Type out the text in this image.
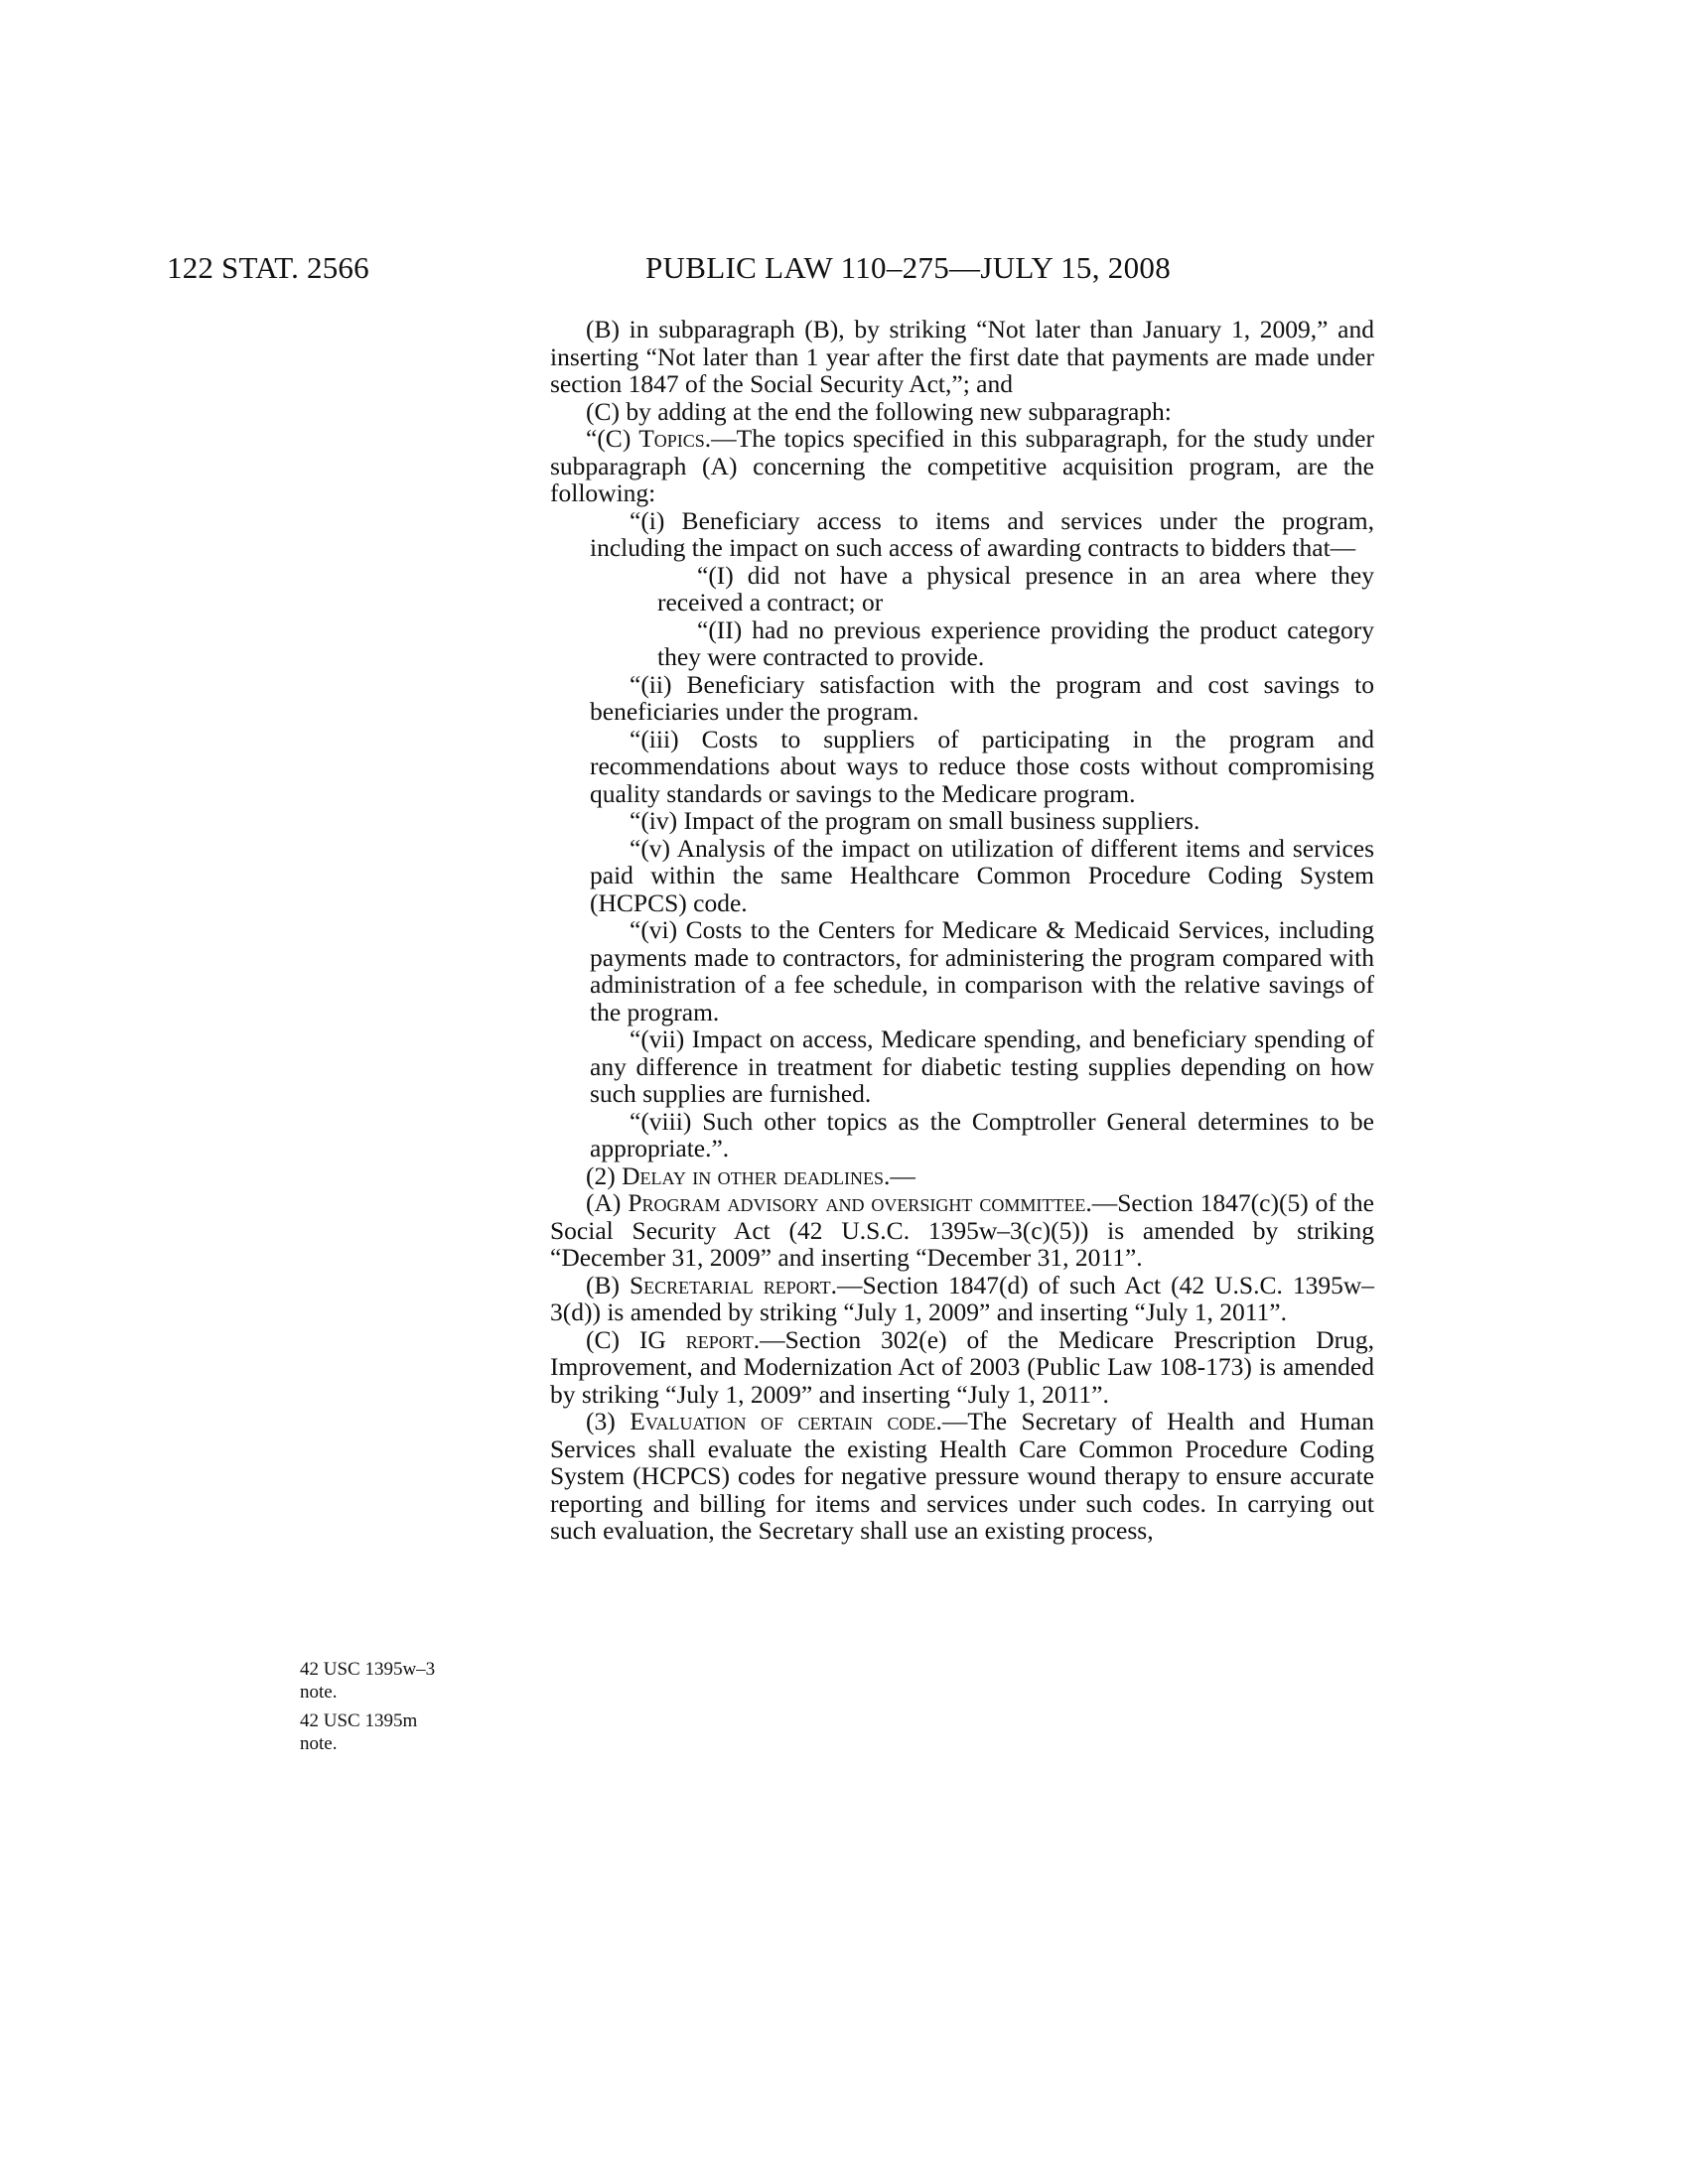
122 STAT. 2566	PUBLIC LAW 110–275—JULY 15, 2008
42 USC 1395w–3
note.
42 USC 1395m
note.

(B) in subparagraph (B), by striking “Not later than January 1, 2009,” and inserting “Not later than 1 year after the first date that payments are made under section 1847 of the Social Security Act,”; and

(C) by adding at the end the following new subparagraph:

“(C) Topics.—The topics specified in this subparagraph, for the study under subparagraph (A) concerning the competitive acquisition program, are the following:

“(i) Beneficiary access to items and services under the program, including the impact on such access of awarding contracts to bidders that—

“(I) did not have a physical presence in an area where they received a contract; or

“(II) had no previous experience providing the product category they were contracted to provide.

“(ii) Beneficiary satisfaction with the program and cost savings to beneficiaries under the program.

“(iii) Costs to suppliers of participating in the program and recommendations about ways to reduce those costs without compromising quality standards or savings to the Medicare program.

“(iv) Impact of the program on small business suppliers.

“(v) Analysis of the impact on utilization of different items and services paid within the same Healthcare Common Procedure Coding System (HCPCS) code.

“(vi) Costs to the Centers for Medicare & Medicaid Services, including payments made to contractors, for administering the program compared with administration of a fee schedule, in comparison with the relative savings of the program.

“(vii) Impact on access, Medicare spending, and beneficiary spending of any difference in treatment for diabetic testing supplies depending on how such supplies are furnished.

“(viii) Such other topics as the Comptroller General determines to be appropriate.”.

(2) Delay in other deadlines.—

(A) Program advisory and oversight committee.—Section 1847(c)(5) of the Social Security Act (42 U.S.C. 1395w–3(c)(5)) is amended by striking “December 31, 2009” and inserting “December 31, 2011”.

(B) Secretarial report.—Section 1847(d) of such Act (42 U.S.C. 1395w–3(d)) is amended by striking “July 1, 2009” and inserting “July 1, 2011”.

(C) IG report.—Section 302(e) of the Medicare Prescription Drug, Improvement, and Modernization Act of 2003 (Public Law 108-173) is amended by striking “July 1, 2009” and inserting “July 1, 2011”.

(3) Evaluation of certain code.—The Secretary of Health and Human Services shall evaluate the existing Health Care Common Procedure Coding System (HCPCS) codes for negative pressure wound therapy to ensure accurate reporting and billing for items and services under such codes. In carrying out such evaluation, the Secretary shall use an existing process,
